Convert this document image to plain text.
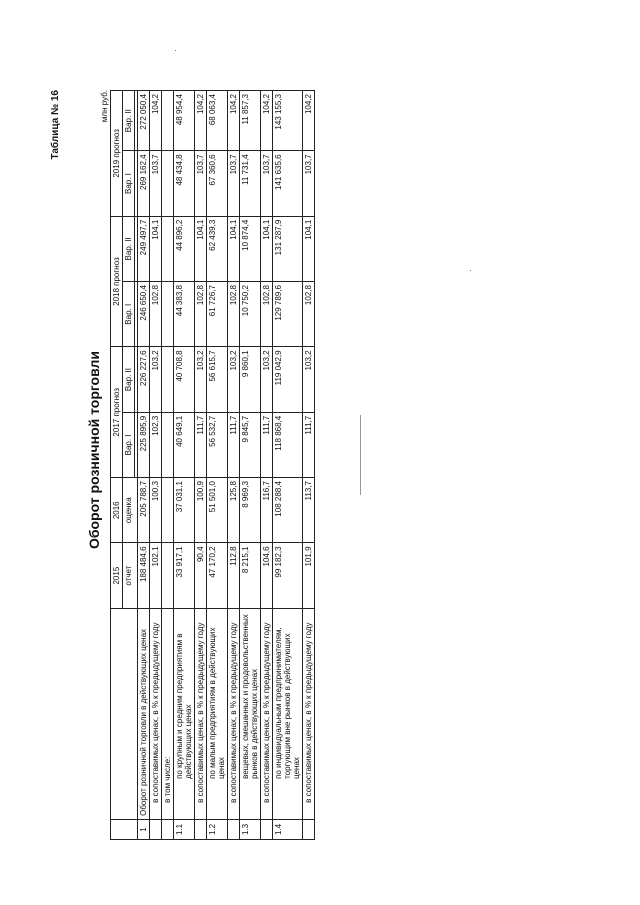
Таблица № 16
Оборот розничной торговли
млн руб.
		2015	2016	2017 прогноз		2018 прогноз		2019 прогноз	
		отчет	оценка	Вар. I	Вар. II	Вар. I	Вар. II	Вар. I	Вар. II

1	Оборот розничной торговли в действующих ценах	188 484,6	205 788,7	225 895,9	226 227,6	246 650,4	249 497,7	269 162,4	272 050,4
	в сопоставимых ценах, в % к предыдущему году	102,1	100,3	102,3	103,2	102,8	104,1	103,7	104,2
	в том числе:								
1.1	по крупным и средним предприятиям в действующих ценах	33 917,1	37 031,1	40 649,1	40 708,8	44 383,8	44 896,2	48 434,8	48 954,4
	в сопоставимых ценах, в % к предыдущему году	90,4	100,9	111,7	103,2	102,8	104,1	103,7	104,2
1.2	по малым предприятиям в действующих ценах	47 170,2	51 501,0	56 532,7	56 615,7	61 726,7	62 439,3	67 360,6	68 063,4
	в сопоставимых ценах, в % к предыдущему году	112,8	125,8	111,7	103,2	102,8	104,1	103,7	104,2
1.3	вещевых, смешанных и продовольственных рынков в действующих ценах	8 215,1	8 969,3	9 845,7	9 860,1	10 750,2	10 874,4	11 731,4	11 857,3
	в сопоставимых ценах, в % к предыдущему году	104,6	116,7	111,7	103,2	102,8	104,1	103,7	104,2
1.4	по индивидуальным предпринимателям, торгующим вне рынков в действующих ценах	99 182,3	108 288,4	118 868,4	119 042,9	129 789,6	131 287,9	141 635,6	143 155,3
	в сопоставимых ценах, в % к предыдущему году	101,9	113,7	111,7	103,2	102,8	104,1	103,7	104,2
